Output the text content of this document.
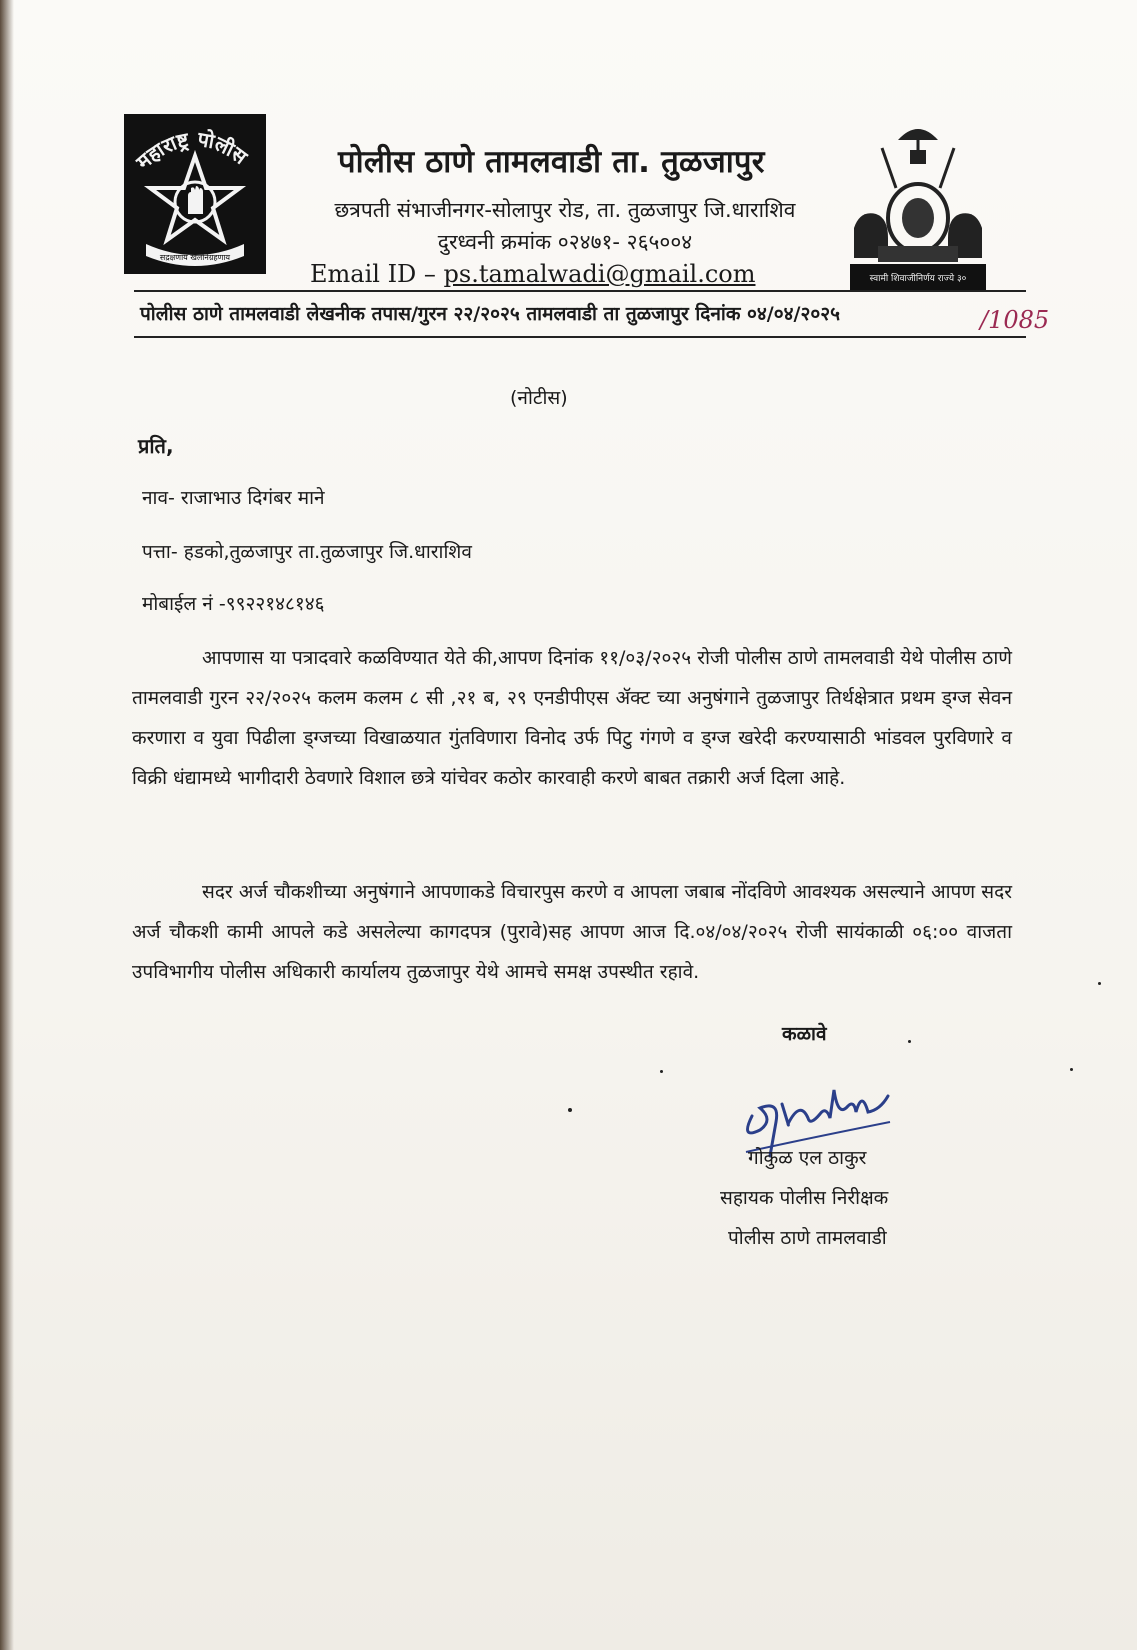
महाराष्ट्र पोलीस
सद्रक्षणाय खलनिग्रहणाय
पोलीस ठाणे तामलवाडी ता. तुळजापुर
छत्रपती संभाजीनगर-सोलापुर रोड, ता. तुळजापुर जि.धाराशिव
दुरध्वनी क्रमांक ०२४७१- २६५००४
Email ID – ps.tamalwadi@gmail.com	स्वामी शिवाजीनिर्णय राज्ये ३०
पोलीस ठाणे तामलवाडी लेखनीक तपास/गुरन २२/२०२५ तामलवाडी ता तुळजापुर दिनांक ०४/०४/२०२५	/1085
(नोटीस)
प्रति,
नाव- राजाभाउ दिगंबर माने
पत्ता- हडको,तुळजापुर ता.तुळजापुर जि.धाराशिव
मोबाईल नं -९९२२१४८१४६

आपणास या पत्रादवारे कळविण्यात येते की,आपण दिनांक ११/०३/२०२५ रोजी पोलीस ठाणे तामलवाडी येथे पोलीस ठाणे तामलवाडी गुरन २२/२०२५ कलम कलम ८ सी ,२१ ब, २९ एनडीपीएस ॲक्ट च्या अनुषंगाने तुळजापुर तिर्थक्षेत्रात प्रथम ड्ग्ज सेवन करणारा व युवा पिढीला ड्ग्जच्या विखाळयात गुंतविणारा विनोद उर्फ पिटु गंगणे व ड्ग्ज खरेदी करण्यासाठी भांडवल पुरविणारे व विक्री धंद्यामध्ये भागीदारी ठेवणारे विशाल छत्रे यांचेवर कठोर कारवाही करणे बाबत तक्रारी अर्ज दिला आहे.

सदर अर्ज चौकशीच्या अनुषंगाने आपणाकडे विचारपुस करणे व आपला जबाब नोंदविणे आवश्यक असल्याने आपण सदर अर्ज चौकशी कामी आपले कडे असलेल्या कागदपत्र (पुरावे)सह आपण आज दि.०४/०४/२०२५ रोजी सायंकाळी ०६:०० वाजता उपविभागीय पोलीस अधिकारी कार्यालय तुळजापुर येथे आमचे समक्ष उपस्थीत रहावे.

कळावे
गोकुळ एल ठाकुर
सहायक पोलीस निरीक्षक
पोलीस ठाणे तामलवाडी
